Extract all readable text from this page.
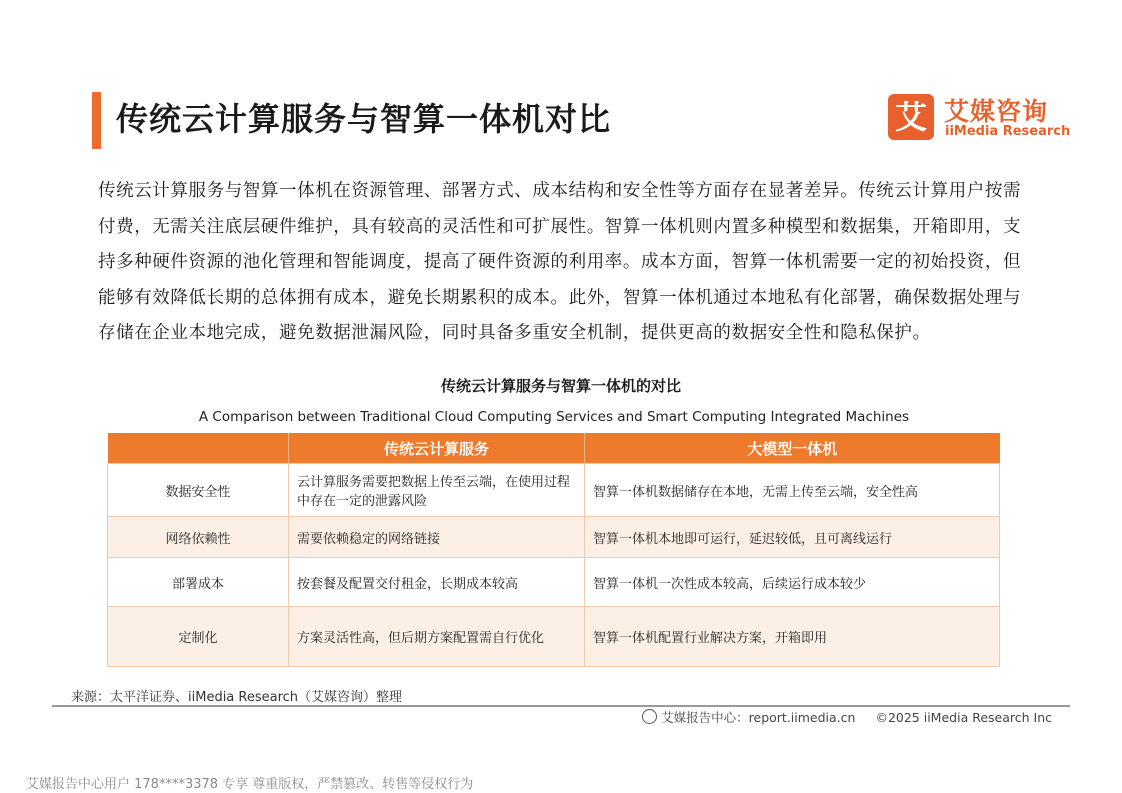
传统云计算服务与智算一体机对比	艾 艾媒咨询
iiMedia Research

传统云计算服务与智算一体机在资源管理、部署方式、成本结构和安全性等方面存在显著差异。传统云计算用户按需付费，无需关注底层硬件维护，具有较高的灵活性和可扩展性。智算一体机则内置多种模型和数据集，开箱即用，支持多种硬件资源的池化管理和智能调度，提高了硬件资源的利用率。成本方面，智算一体机需要一定的初始投资，但能够有效降低长期的总体拥有成本，避免长期累积的成本。此外，智算一体机通过本地私有化部署，确保数据处理与存储在企业本地完成，避免数据泄漏风险，同时具备多重安全机制，提供更高的数据安全性和隐私保护。

传统云计算服务与智算一体机的对比
A Comparison between Traditional Cloud Computing Services and Smart Computing Integrated Machines
	传统云计算服务	大模型一体机
数据安全性	云计算服务需要把数据上传至云端，在使用过程中存在一定的泄露风险	智算一体机数据储存在本地，无需上传至云端，安全性高
网络依赖性	需要依赖稳定的网络链接	智算一体机本地即可运行，延迟较低，且可离线运行
部署成本	按套餐及配置交付租金，长期成本较高	智算一体机一次性成本较高，后续运行成本较少
定制化	方案灵活性高，但后期方案配置需自行优化	智算一体机配置行业解决方案，开箱即用
来源：太平洋证券、iiMedia Research（艾媒咨询）整理
艾媒报告中心：report.iimedia.cn ©2025 iiMedia Research Inc
艾媒报告中心用户 178****3378 专享 尊重版权，严禁篡改、转售等侵权行为
